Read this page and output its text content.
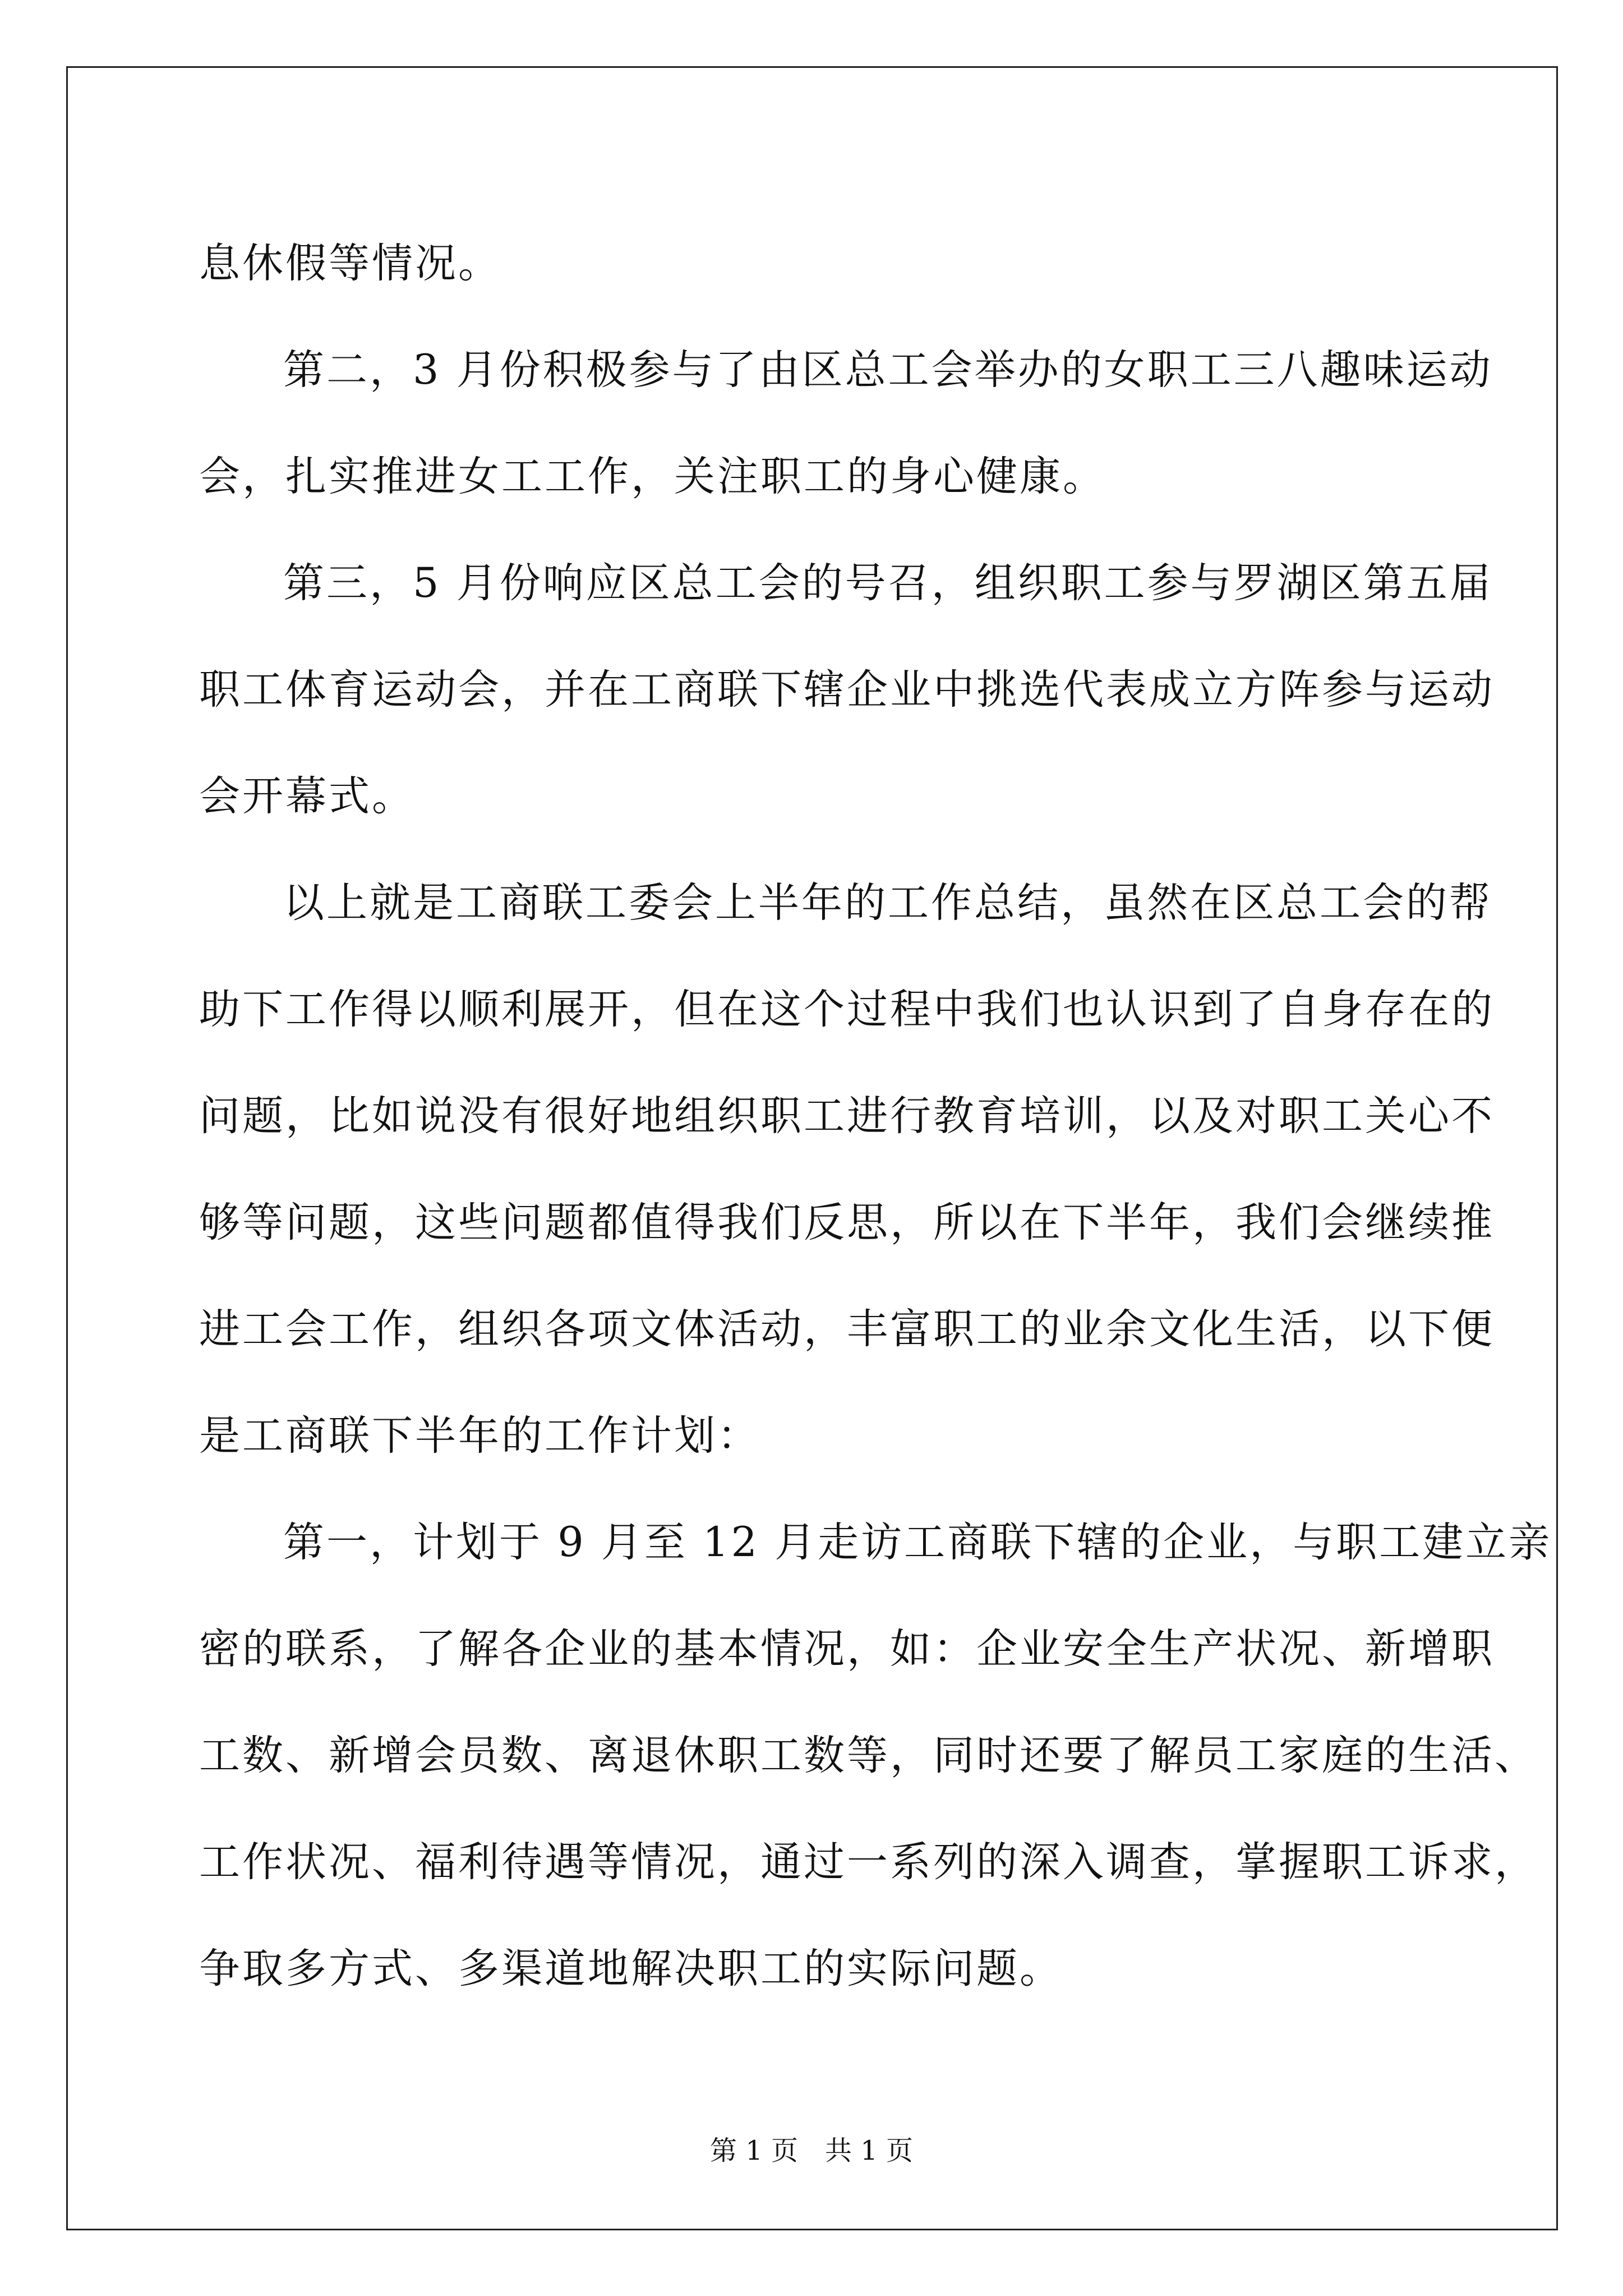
息休假等情况。
第二，3 月份积极参与了由区总工会举办的女职工三八趣味运动
会，扎实推进女工工作，关注职工的身心健康。
第三，5 月份响应区总工会的号召，组织职工参与罗湖区第五届
职工体育运动会，并在工商联下辖企业中挑选代表成立方阵参与运动
会开幕式。
以上就是工商联工委会上半年的工作总结，虽然在区总工会的帮
助下工作得以顺利展开，但在这个过程中我们也认识到了自身存在的
问题，比如说没有很好地组织职工进行教育培训，以及对职工关心不
够等问题，这些问题都值得我们反思，所以在下半年，我们会继续推
进工会工作，组织各项文体活动，丰富职工的业余文化生活，以下便
是工商联下半年的工作计划：
第一，计划于 9 月至 12 月走访工商联下辖的企业，与职工建立亲
密的联系，了解各企业的基本情况，如：企业安全生产状况、新增职
工数、新增会员数、离退休职工数等，同时还要了解员工家庭的生活、
工作状况、福利待遇等情况，通过一系列的深入调查，掌握职工诉求，
争取多方式、多渠道地解决职工的实际问题。
第 1 页　共 1 页
